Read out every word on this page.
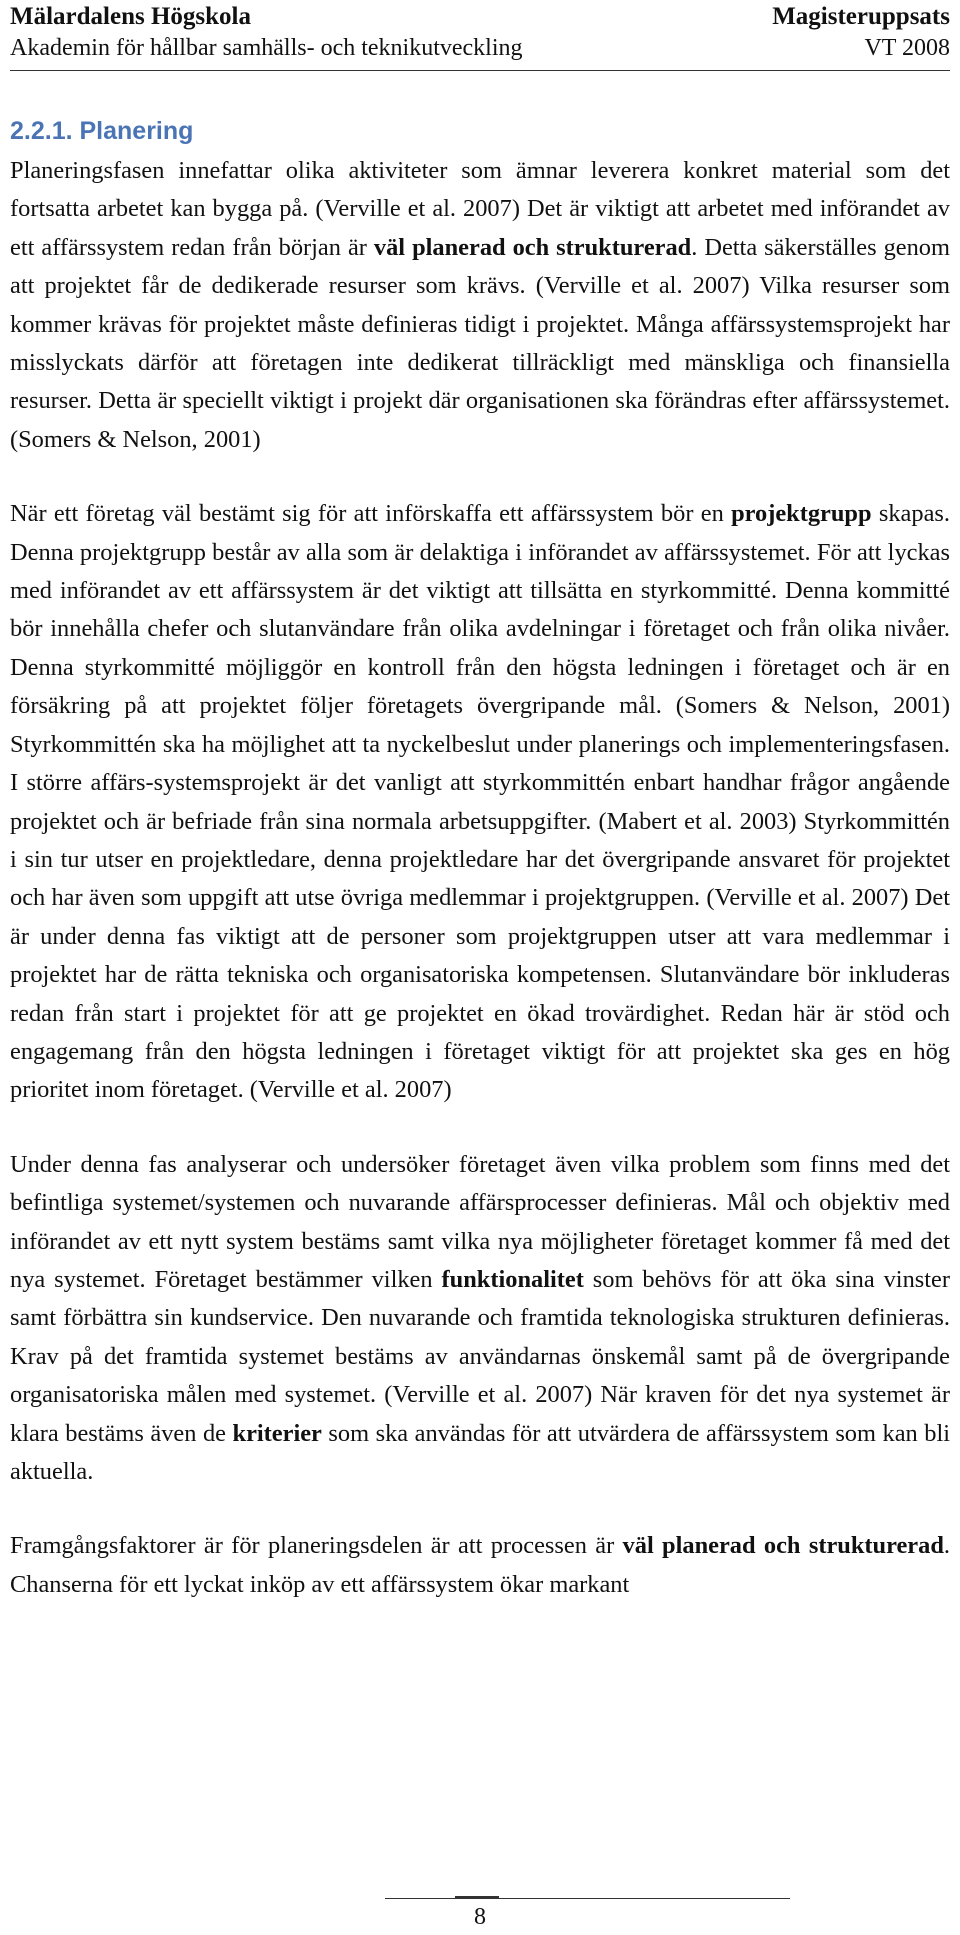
Mälardalens Högskola	Magisteruppsats
Akademin för hållbar samhälls- och teknikutveckling	VT 2008
2.2.1. Planering

Planeringsfasen innefattar olika aktiviteter som ämnar leverera konkret material som det fortsatta arbetet kan bygga på. (Verville et al. 2007) Det är viktigt att arbetet med införandet av ett affärssystem redan från början är väl planerad och strukturerad. Detta säkerställes genom att projektet får de dedikerade resurser som krävs. (Verville et al. 2007) Vilka resurser som kommer krävas för projektet måste definieras tidigt i projektet. Många affärssystemsprojekt har misslyckats därför att företagen inte dedikerat tillräckligt med mänskliga och finansiella resurser. Detta är speciellt viktigt i projekt där organisationen ska förändras efter affärssystemet. (Somers & Nelson, 2001)

När ett företag väl bestämt sig för att införskaffa ett affärssystem bör en projektgrupp skapas. Denna projektgrupp består av alla som är delaktiga i införandet av affärssystemet. För att lyckas med införandet av ett affärssystem är det viktigt att tillsätta en styrkommitté. Denna kommitté bör innehålla chefer och slutanvändare från olika avdelningar i företaget och från olika nivåer. Denna styrkommitté möjliggör en kontroll från den högsta ledningen i företaget och är en försäkring på att projektet följer företagets övergripande mål. (Somers & Nelson, 2001) Styrkommittén ska ha möjlighet att ta nyckelbeslut under planerings och implementeringsfasen. I större affärs-systemsprojekt är det vanligt att styrkommittén enbart handhar frågor angående projektet och är befriade från sina normala arbetsuppgifter. (Mabert et al. 2003) Styrkommittén i sin tur utser en projektledare, denna projektledare har det övergripande ansvaret för projektet och har även som uppgift att utse övriga medlemmar i projektgruppen. (Verville et al. 2007) Det är under denna fas viktigt att de personer som projektgruppen utser att vara medlemmar i projektet har de rätta tekniska och organisatoriska kompetensen. Slutanvändare bör inkluderas redan från start i projektet för att ge projektet en ökad trovärdighet. Redan här är stöd och engagemang från den högsta ledningen i företaget viktigt för att projektet ska ges en hög prioritet inom företaget. (Verville et al. 2007)

Under denna fas analyserar och undersöker företaget även vilka problem som finns med det befintliga systemet/systemen och nuvarande affärsprocesser definieras. Mål och objektiv med införandet av ett nytt system bestäms samt vilka nya möjligheter företaget kommer få med det nya systemet. Företaget bestämmer vilken funktionalitet som behövs för att öka sina vinster samt förbättra sin kundservice. Den nuvarande och framtida teknologiska strukturen definieras. Krav på det framtida systemet bestäms av användarnas önskemål samt på de övergripande organisatoriska målen med systemet. (Verville et al. 2007) När kraven för det nya systemet är klara bestäms även de kriterier som ska användas för att utvärdera de affärssystem som kan bli aktuella.

Framgångsfaktorer är för planeringsdelen är att processen är väl planerad och strukturerad. Chanserna för ett lyckat inköp av ett affärssystem ökar markant

8
